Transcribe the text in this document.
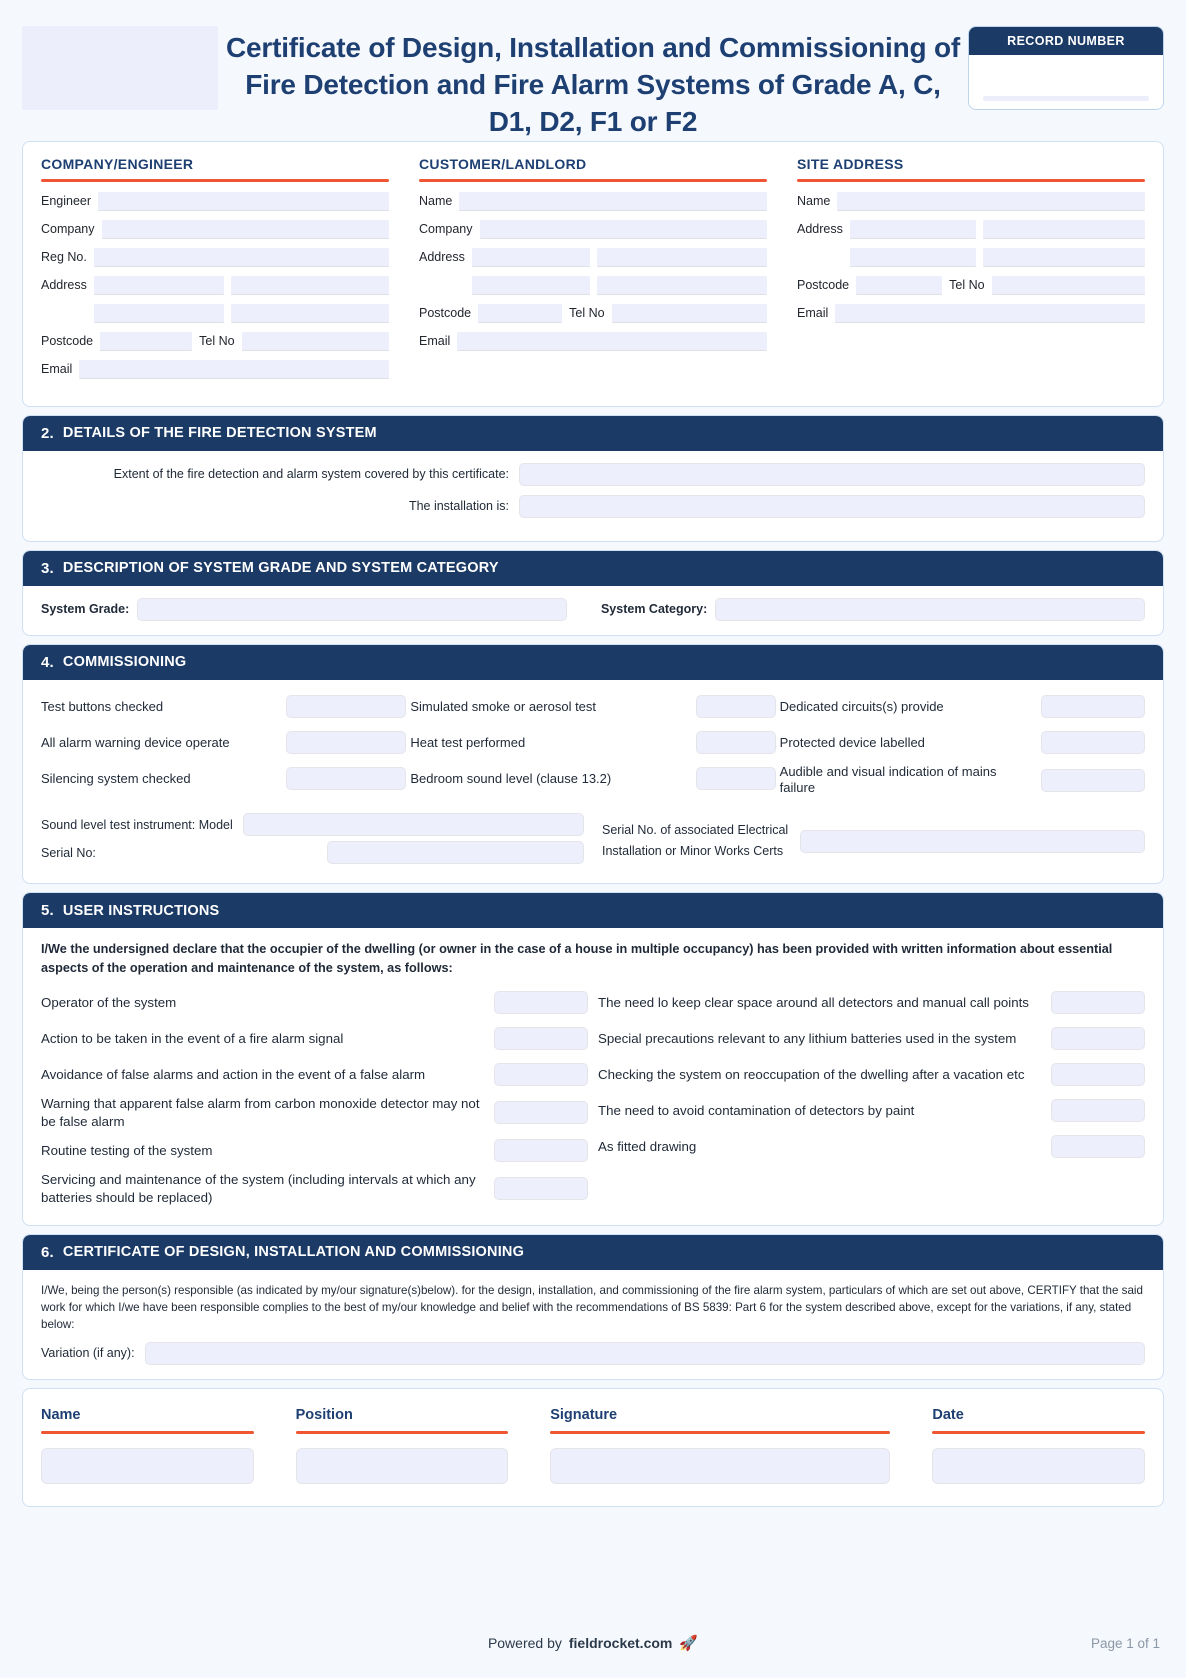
Certificate of Design, Installation and Commissioning of Fire Detection and Fire Alarm Systems of Grade A, C, D1, D2, F1 or F2
RECORD NUMBER
COMPANY/ENGINEER
Engineer
Company
Reg No.
Address
Postcode	Tel No
Email
CUSTOMER/LANDLORD
Name
Company
Address
Postcode	Tel No
Email
SITE ADDRESS
Name
Address
Postcode	Tel No
Email
2. DETAILS OF THE FIRE DETECTION SYSTEM
Extent of the fire detection and alarm system covered by this certificate:
The installation is:
3. DESCRIPTION OF SYSTEM GRADE AND SYSTEM CATEGORY
System Grade:	System Category:
4. COMMISSIONING
Test buttons checked
All alarm warning device operate
Silencing system checked
Simulated smoke or aerosol test
Heat test performed
Bedroom sound level (clause 13.2)
Dedicated circuits(s) provide
Protected device labelled
Audible and visual indication of mains failure
Sound level test instrument: Model
Serial No:
Serial No. of associated Electrical
Installation or Minor Works Certs
5. USER INSTRUCTIONS
I/We the undersigned declare that the occupier of the dwelling (or owner in the case of a house in multiple occupancy) has been provided with written information about essential aspects of the operation and maintenance of the system, as follows:
Operator of the system
Action to be taken in the event of a fire alarm signal
Avoidance of false alarms and action in the event of a false alarm
Warning that apparent false alarm from carbon monoxide detector may not be false alarm
Routine testing of the system
Servicing and maintenance of the system (including intervals at which any batteries should be replaced)
The need lo keep clear space around all detectors and manual call points
Special precautions relevant to any lithium batteries used in the system
Checking the system on reoccupation of the dwelling after a vacation etc
The need to avoid contamination of detectors by paint
As fitted drawing
6. CERTIFICATE OF DESIGN, INSTALLATION AND COMMISSIONING
I/We, being the person(s) responsible (as indicated by my/our signature(s)below). for the design, installation, and commissioning of the fire alarm system, particulars of which are set out above, CERTIFY that the said work for which I/we have been responsible complies to the best of my/our knowledge and belief with the recommendations of BS 5839: Part 6 for the system described above, except for the variations, if any, stated below:
Variation (if any):
Name	Position	Signature	Date
Powered by fieldrocket.com 🚀	Page 1 of 1
